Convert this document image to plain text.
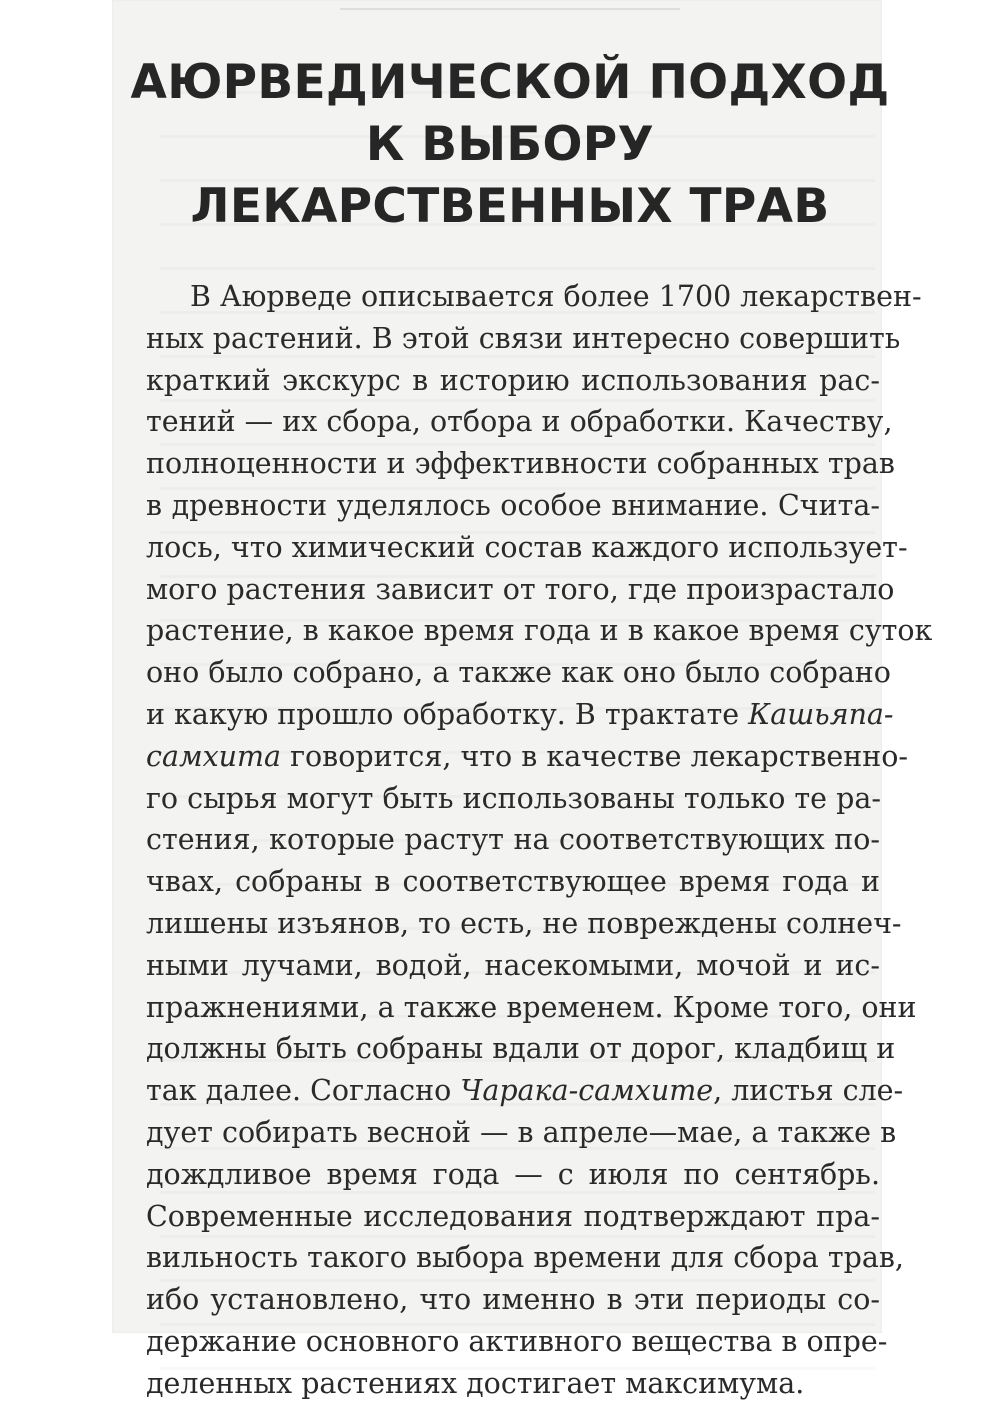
АЮРВЕДИЧЕСКОЙ ПОДХОД
К ВЫБОРУ
ЛЕКАРСТВЕННЫХ ТРАВ
В Аюрведе описывается более 1700 лекарствен-
ных растений. В этой связи интересно совершить
краткий экскурс в историю использования рас-
тений — их сбора, отбора и обработки. Качеству,
полноценности и эффективности собранных трав
в древности уделялось особое внимание. Счита-
лось, что химический состав каждого использует-
мого растения зависит от того, где произрастало
растение, в какое время года и в какое время суток
оно было собрано, а также как оно было собрано
и какую прошло обработку. В трактате Кашьяпа-
самхита говорится, что в качестве лекарственно-
го сырья могут быть использованы только те ра-
стения, которые растут на соответствующих по-
чвах, собраны в соответствующее время года и
лишены изъянов, то есть, не повреждены солнеч-
ными лучами, водой, насекомыми, мочой и ис-
пражнениями, а также временем. Кроме того, они
должны быть собраны вдали от дорог, кладбищ и
так далее. Согласно Чарака-самхите, листья сле-
дует собирать весной — в апреле—мае, а также в
дождливое время года — с июля по сентябрь.
Современные исследования подтверждают пра-
вильность такого выбора времени для сбора трав,
ибо установлено, что именно в эти периоды со-
держание основного активного вещества в опре-
деленных растениях достигает максимума.
